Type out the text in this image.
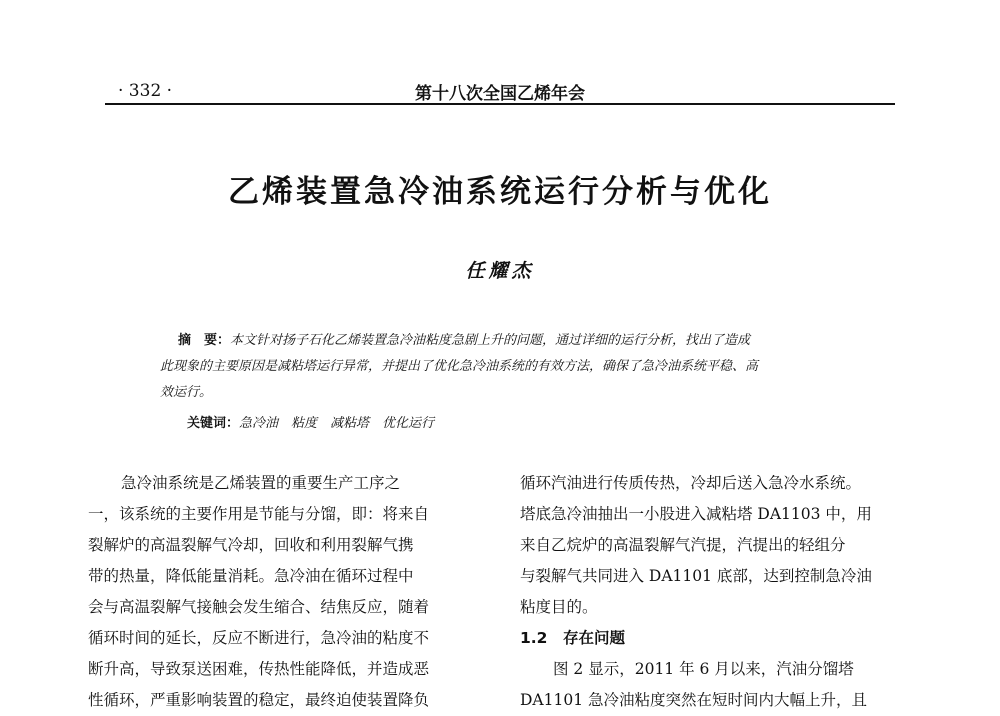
· 332 ·	第十八次全国乙烯年会
乙烯装置急冷油系统运行分析与优化
任耀杰
摘　要：本文针对扬子石化乙烯装置急冷油粘度急剧上升的问题，通过详细的运行分析，找出了造成
此现象的主要原因是减粘塔运行异常，并提出了优化急冷油系统的有效方法，确保了急冷油系统平稳、高
效运行。
关键词：急冷油　粘度　减粘塔　优化运行
急冷油系统是乙烯装置的重要生产工序之
一，该系统的主要作用是节能与分馏，即：将来自
裂解炉的高温裂解气冷却，回收和利用裂解气携
带的热量，降低能量消耗。急冷油在循环过程中
会与高温裂解气接触会发生缩合、结焦反应，随着
循环时间的延长，反应不断进行，急冷油的粘度不
断升高，导致泵送困难，传热性能降低，并造成恶
性循环，严重影响装置的稳定，最终迫使装置降负
循环汽油进行传质传热，冷却后送入急冷水系统。
塔底急冷油抽出一小股进入减粘塔 DA1103 中，用
来自乙烷炉的高温裂解气汽提，汽提出的轻组分
与裂解气共同进入 DA1101 底部，达到控制急冷油
粘度目的。
1.2　存在问题
图 2 显示，2011 年 6 月以来，汽油分馏塔
DA1101 急冷油粘度突然在短时间内大幅上升，且
